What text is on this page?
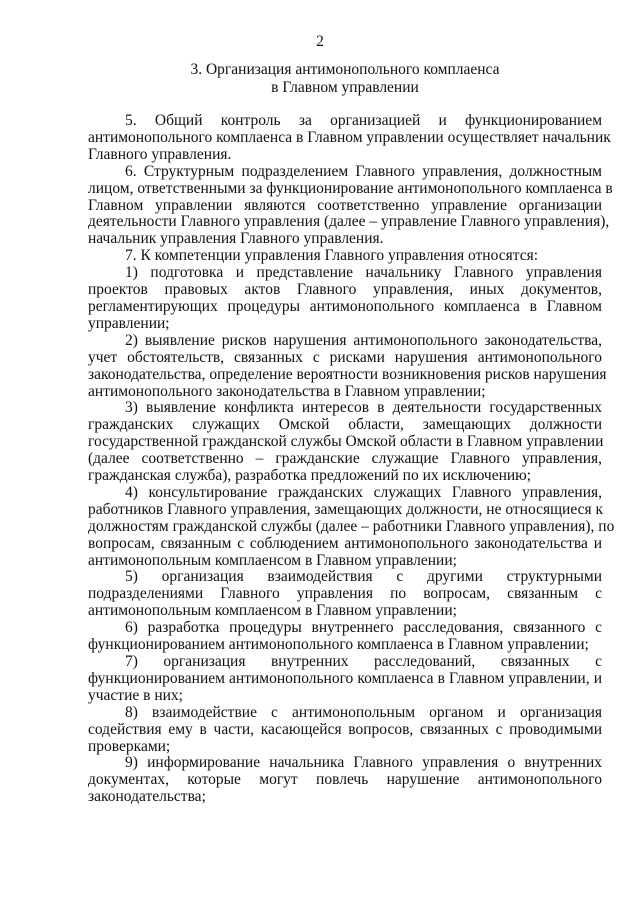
2
3. Организация антимонопольного комплаенса
в Главном управлении
5. Общий контроль за организацией и функционированием
антимонопольного комплаенса в Главном управлении осуществляет начальник
Главного управления.
6. Структурным подразделением Главного управления, должностным
лицом, ответственными за функционирование антимонопольного комплаенса в
Главном управлении являются соответственно управление организации
деятельности Главного управления (далее – управление Главного управления),
начальник управления Главного управления.
7. К компетенции управления Главного управления относятся:
1) подготовка и представление начальнику Главного управления
проектов правовых актов Главного управления, иных документов,
регламентирующих процедуры антимонопольного комплаенса в Главном
управлении;
2) выявление рисков нарушения антимонопольного законодательства,
учет обстоятельств, связанных с рисками нарушения антимонопольного
законодательства, определение вероятности возникновения рисков нарушения
антимонопольного законодательства в Главном управлении;
3) выявление конфликта интересов в деятельности государственных
гражданских служащих Омской области, замещающих должности
государственной гражданской службы Омской области в Главном управлении
(далее соответственно – гражданские служащие Главного управления,
гражданская служба), разработка предложений по их исключению;
4) консультирование гражданских служащих Главного управления,
работников Главного управления, замещающих должности, не относящиеся к
должностям гражданской службы (далее – работники Главного управления), по
вопросам, связанным с соблюдением антимонопольного законодательства и
антимонопольным комплаенсом в Главном управлении;
5) организация взаимодействия с другими структурными
подразделениями Главного управления по вопросам, связанным с
антимонопольным комплаенсом в Главном управлении;
6) разработка процедуры внутреннего расследования, связанного с
функционированием антимонопольного комплаенса в Главном управлении;
7) организация внутренних расследований, связанных с
функционированием антимонопольного комплаенса в Главном управлении, и
участие в них;
8) взаимодействие с антимонопольным органом и организация
содействия ему в части, касающейся вопросов, связанных с проводимыми
проверками;
9) информирование начальника Главного управления о внутренних
документах, которые могут повлечь нарушение антимонопольного
законодательства;
